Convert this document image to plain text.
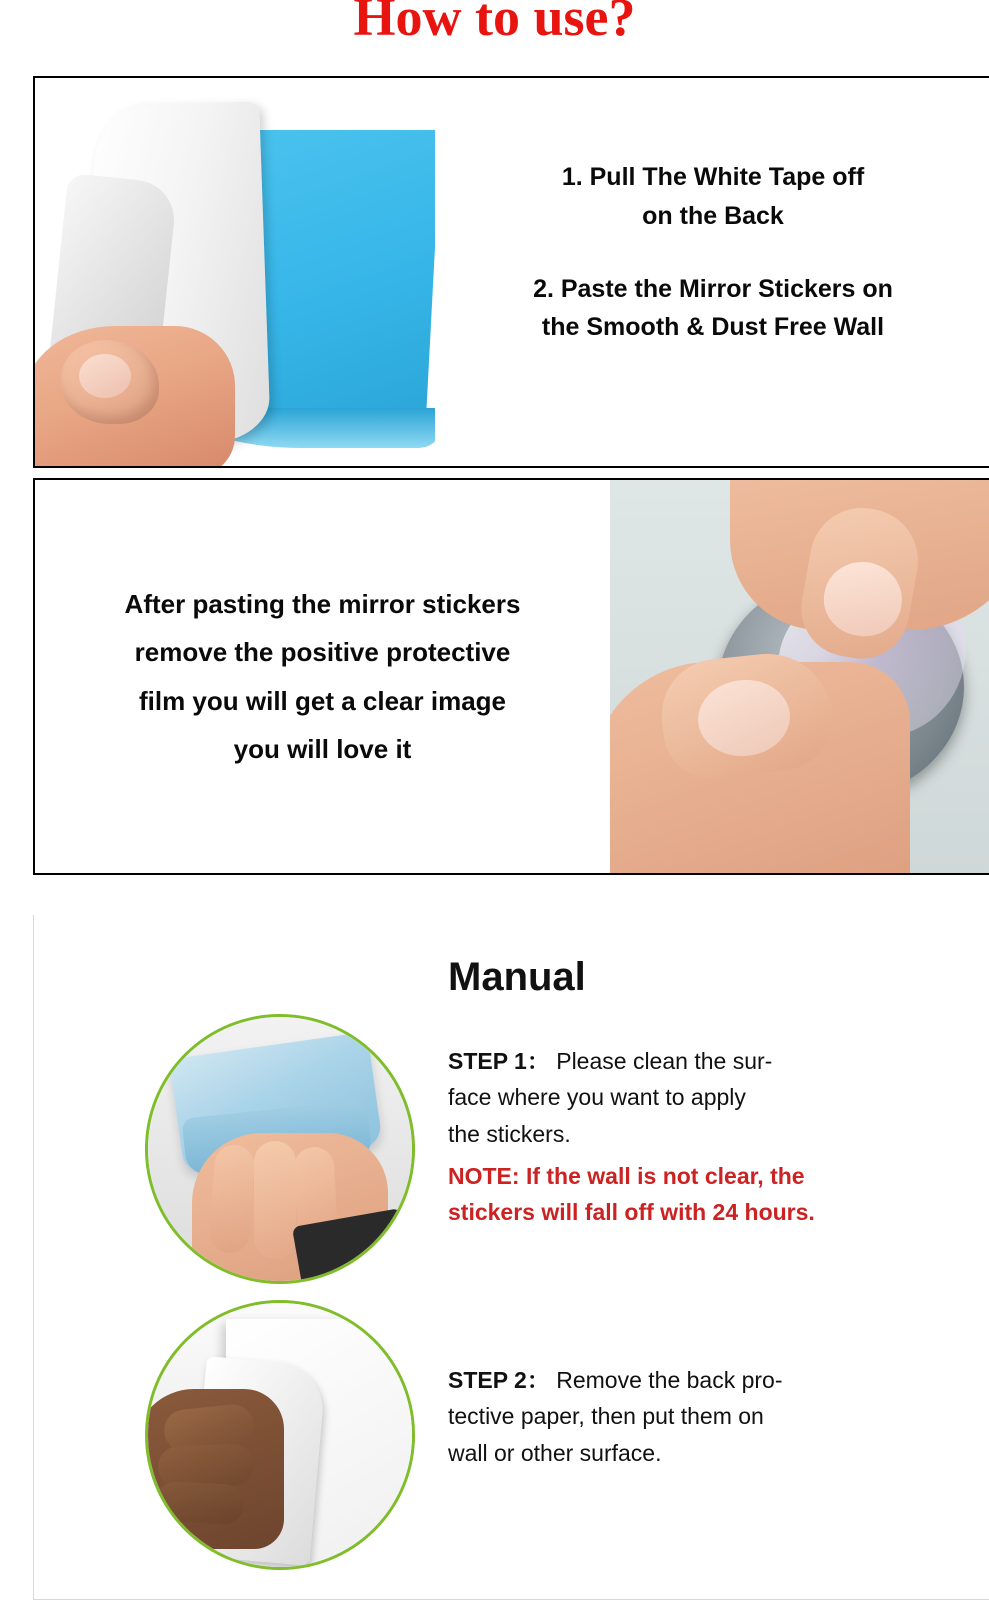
How to use?
1. Pull The White Tape off
on the Back
2. Paste the Mirror Stickers on
the Smooth & Dust Free Wall
After pasting the mirror stickers
remove the positive protective
film you will get a clear image
you will love it
Manual
STEP 1： Please clean the sur-
face where you want to apply
the stickers.
NOTE: If the wall is not clear, the
stickers will fall off with 24 hours.
STEP 2： Remove the back pro-
tective paper, then put them on
wall or other surface.
